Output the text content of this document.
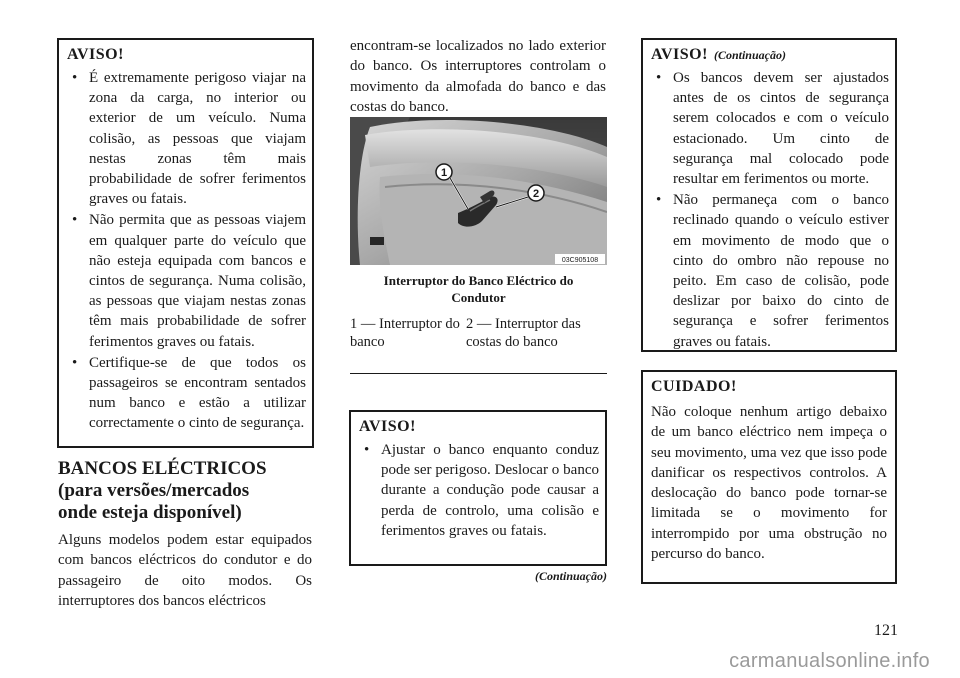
AVISO!
• É extremamente perigoso viajar na zona da carga, no interior ou exterior de um veículo. Numa colisão, as pessoas que viajam nestas zonas têm mais probabilidade de sofrer ferimentos graves ou fatais.
• Não permita que as pessoas viajem em qualquer parte do veículo que não esteja equipada com bancos e cintos de segurança. Numa colisão, as pessoas que viajam nestas zonas têm mais probabilidade de sofrer ferimentos graves ou fatais.
• Certifique-se de que todos os passageiros se encontram sentados num banco e estão a utilizar correctamente o cinto de segurança.
BANCOS ELÉCTRICOS
(para versões/mercados
onde esteja disponível)
Alguns modelos podem estar equipados com bancos eléctricos do condutor e do passageiro de oito modos. Os interruptores dos bancos eléctricos
encontram-se localizados no lado exterior do banco. Os interruptores controlam o movimento da almofada do banco e das costas do banco.
1
2
03C905108
Interruptor do Banco Eléctrico do Condutor
1 — Interruptor do banco
2 — Interruptor das costas do banco
AVISO!
• Ajustar o banco enquanto conduz pode ser perigoso. Deslocar o banco durante a condução pode causar a perda de controlo, uma colisão e ferimentos graves ou fatais.
(Continuação)
AVISO! (Continuação)
• Os bancos devem ser ajustados antes de os cintos de segurança serem colocados e com o veículo estacionado. Um cinto de segurança mal colocado pode resultar em ferimentos ou morte.
• Não permaneça com o banco reclinado quando o veículo estiver em movimento de modo que o cinto do ombro não repouse no peito. Em caso de colisão, pode deslizar por baixo do cinto de segurança e sofrer ferimentos graves ou fatais.
CUIDADO!
Não coloque nenhum artigo debaixo de um banco eléctrico nem impeça o seu movimento, uma vez que isso pode danificar os respectivos controlos. A deslocação do banco pode tornar-se limitada se o movimento for interrompido por uma obstrução no percurso do banco.
121
carmanualsonline.info
